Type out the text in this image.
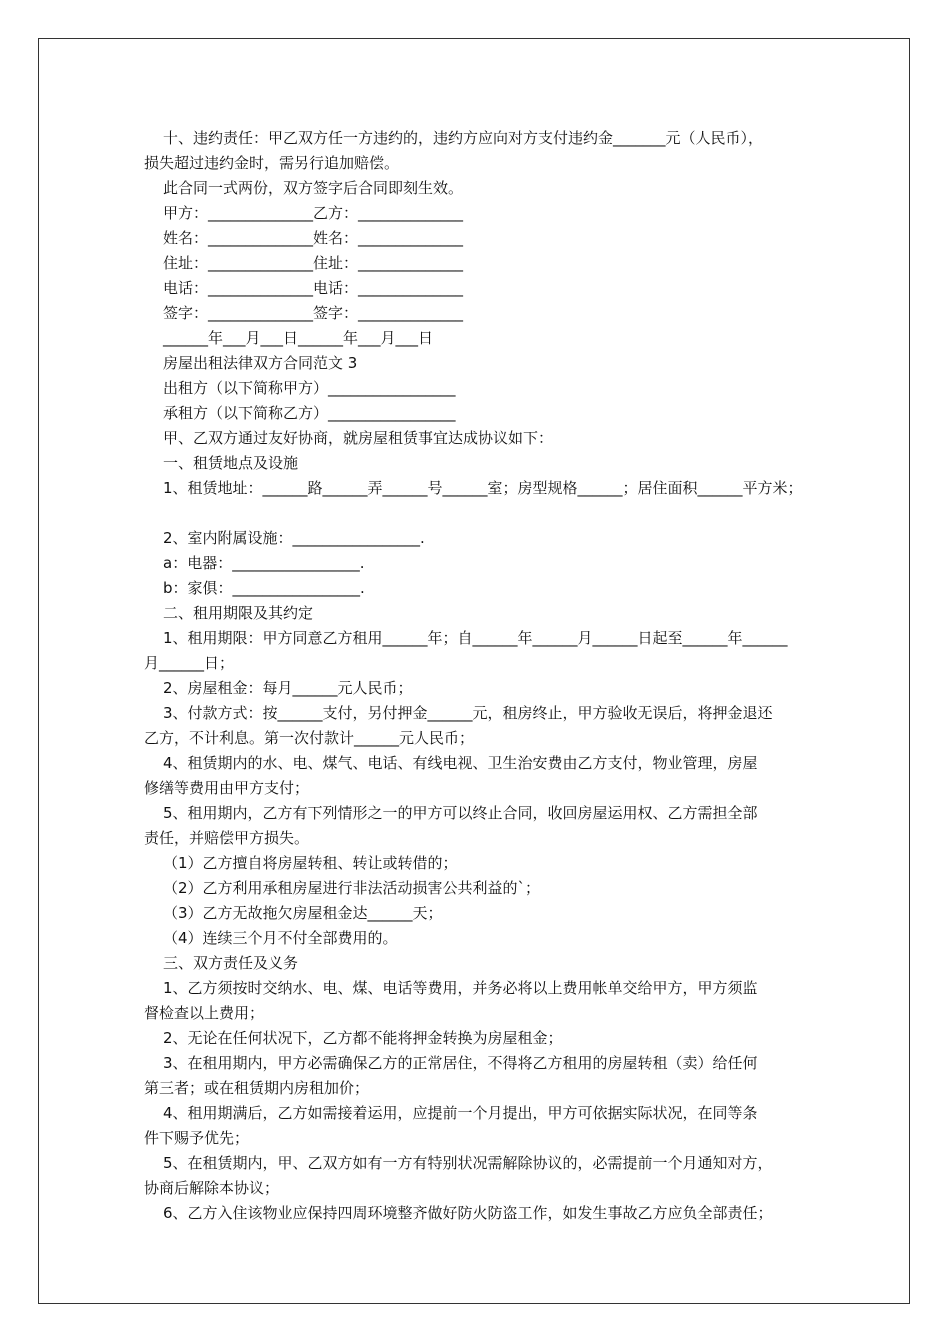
十、违约责任：甲乙双方任一方违约的，违约方应向对方支付违约金_______元（人民币），
损失超过违约金时，需另行追加赔偿。
此合同一式两份，双方签字后合同即刻生效。
甲方：______________乙方：______________
姓名：______________姓名：______________
住址：______________住址：______________
电话：______________电话：______________
签字：______________签字：______________
______年___月___日______年___月___日
房屋出租法律双方合同范文 3
出租方（以下简称甲方）_________________
承租方（以下简称乙方）_________________
甲、乙双方通过友好协商，就房屋租赁事宜达成协议如下：
一、租赁地点及设施
1、租赁地址：______路______弄______号______室；房型规格______；居住面积______平方米；
2、室内附属设施：_________________.
a：电器：_________________.
b：家俱：_________________.
二、租用期限及其约定
1、租用期限：甲方同意乙方租用______年；自______年______月______日起至______年______
月______日；
2、房屋租金：每月______元人民币；
3、付款方式：按______支付，另付押金______元，租房终止，甲方验收无误后，将押金退还
乙方，不计利息。第一次付款计______元人民币；
4、租赁期内的水、电、煤气、电话、有线电视、卫生治安费由乙方支付，物业管理，房屋
修缮等费用由甲方支付；
5、租用期内，乙方有下列情形之一的甲方可以终止合同，收回房屋运用权、乙方需担全部
责任，并赔偿甲方损失。
（1）乙方擅自将房屋转租、转让或转借的；
（2）乙方利用承租房屋进行非法活动损害公共利益的`；
（3）乙方无故拖欠房屋租金达______天；
（4）连续三个月不付全部费用的。
三、双方责任及义务
1、乙方须按时交纳水、电、煤、电话等费用，并务必将以上费用帐单交给甲方，甲方须监
督检查以上费用；
2、无论在任何状况下，乙方都不能将押金转换为房屋租金；
3、在租用期内，甲方必需确保乙方的正常居住，不得将乙方租用的房屋转租（卖）给任何
第三者；或在租赁期内房租加价；
4、租用期满后，乙方如需接着运用，应提前一个月提出，甲方可依据实际状况，在同等条
件下赐予优先；
5、在租赁期内，甲、乙双方如有一方有特别状况需解除协议的，必需提前一个月通知对方，
协商后解除本协议；
6、乙方入住该物业应保持四周环境整齐做好防火防盗工作，如发生事故乙方应负全部责任；
